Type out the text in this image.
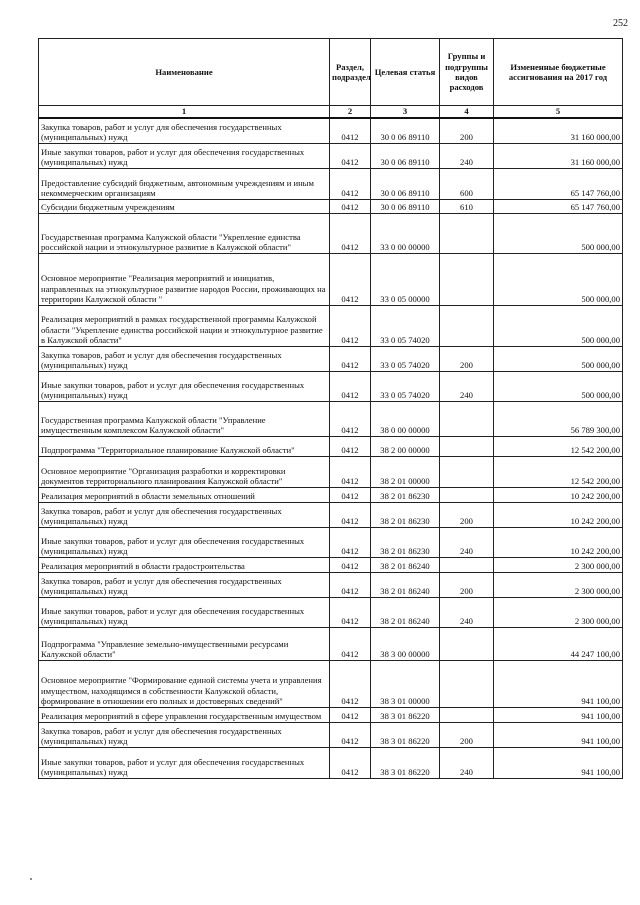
252
Наименование	Раздел, подраздел	Целевая статья	Группы и подгруппы видов расходов	Измененные бюджетные ассигнования на 2017 год
1	2	3	4	5
Закупка товаров, работ и услуг для обеспечения государственных (муниципальных) нужд	0412	30 0 06 89110	200	31 160 000,00
Иные закупки товаров, работ и услуг для обеспечения государственных (муниципальных) нужд	0412	30 0 06 89110	240	31 160 000,00
Предоставление субсидий бюджетным, автономным учреждениям и иным некоммерческим организациям	0412	30 0 06 89110	600	65 147 760,00
Субсидии бюджетным учреждениям	0412	30 0 06 89110	610	65 147 760,00
Государственная программа Калужской области "Укрепление единства российской нации и этнокультурное развитие в Калужской области"	0412	33 0 00 00000		500 000,00
Основное мероприятие "Реализация мероприятий и инициатив, направленных на этнокультурное развитие народов России, проживающих на территории Калужской области "	0412	33 0 05 00000		500 000,00
Реализация мероприятий в рамках государственной программы Калужской области "Укрепление единства российской нации и этнокультурное развитие в Калужской области"	0412	33 0 05 74020		500 000,00
Закупка товаров, работ и услуг для обеспечения государственных (муниципальных) нужд	0412	33 0 05 74020	200	500 000,00
Иные закупки товаров, работ и услуг для обеспечения государственных (муниципальных) нужд	0412	33 0 05 74020	240	500 000,00
Государственная программа Калужской области "Управление имущественным комплексом Калужской области"	0412	38 0 00 00000		56 789 300,00
Подпрограмма "Территориальное планирование Калужской области"	0412	38 2 00 00000		12 542 200,00
Основное мероприятие "Организация разработки и корректировки документов территориального планирования Калужской области"	0412	38 2 01 00000		12 542 200,00
Реализация мероприятий в области земельных отношений	0412	38 2 01 86230		10 242 200,00
Закупка товаров, работ и услуг для обеспечения государственных (муниципальных) нужд	0412	38 2 01 86230	200	10 242 200,00
Иные закупки товаров, работ и услуг для обеспечения государственных (муниципальных) нужд	0412	38 2 01 86230	240	10 242 200,00
Реализация мероприятий в области градостроительства	0412	38 2 01 86240		2 300 000,00
Закупка товаров, работ и услуг для обеспечения государственных (муниципальных) нужд	0412	38 2 01 86240	200	2 300 000,00
Иные закупки товаров, работ и услуг для обеспечения государственных (муниципальных) нужд	0412	38 2 01 86240	240	2 300 000,00
Подпрограмма "Управление земельно-имущественными ресурсами Калужской области"	0412	38 3 00 00000		44 247 100,00
Основное мероприятие "Формирование единой системы учета и управления имуществом, находящимся в собственности Калужской области, формирование в отношении его полных и достоверных сведений"	0412	38 3 01 00000		941 100,00
Реализация мероприятий в сфере управления государственным имуществом	0412	38 3 01 86220		941 100,00
Закупка товаров, работ и услуг для обеспечения государственных (муниципальных) нужд	0412	38 3 01 86220	200	941 100,00
Иные закупки товаров, работ и услуг для обеспечения государственных (муниципальных) нужд	0412	38 3 01 86220	240	941 100,00
